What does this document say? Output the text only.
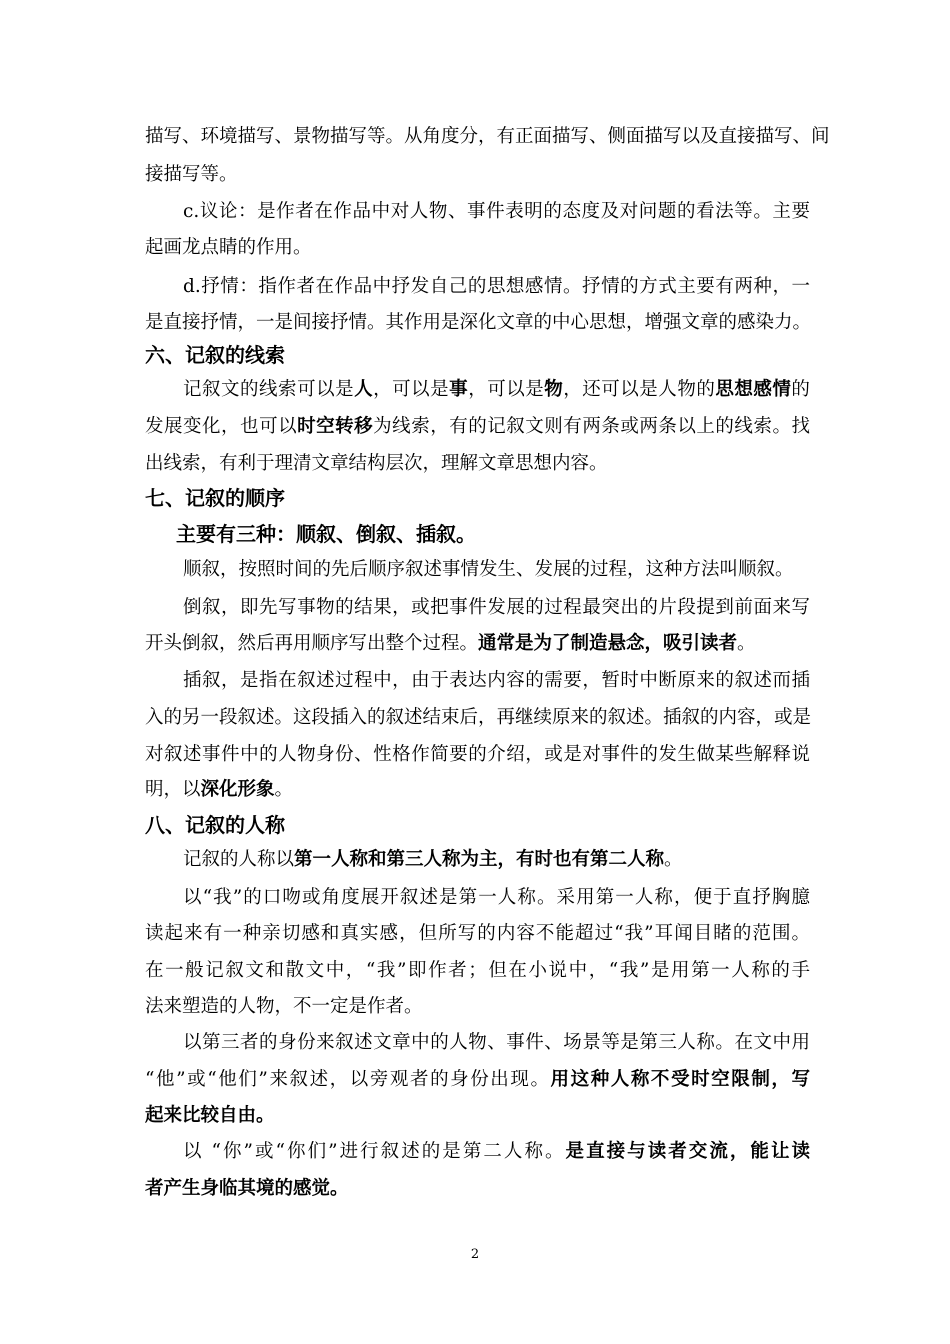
描写、环境描写、景物描写等。从角度分，有正面描写、侧面描写以及直接描写、间
接描写等。
c.议论：是作者在作品中对人物、事件表明的态度及对问题的看法等。主要
起画龙点睛的作用。
d.抒情：指作者在作品中抒发自己的思想感情。抒情的方式主要有两种，一
是直接抒情，一是间接抒情。其作用是深化文章的中心思想，增强文章的感染力。
六、记叙的线索
记叙文的线索可以是人，可以是事，可以是物，还可以是人物的思想感情的
发展变化，也可以时空转移为线索，有的记叙文则有两条或两条以上的线索。找
出线索，有利于理清文章结构层次，理解文章思想内容。
七、记叙的顺序
主要有三种：顺叙、倒叙、插叙。
顺叙，按照时间的先后顺序叙述事情发生、发展的过程，这种方法叫顺叙。
倒叙，即先写事物的结果，或把事件发展的过程最突出的片段提到前面来写
开头倒叙，然后再用顺序写出整个过程。通常是为了制造悬念，吸引读者。
插叙，是指在叙述过程中，由于表达内容的需要，暂时中断原来的叙述而插
入的另一段叙述。这段插入的叙述结束后，再继续原来的叙述。插叙的内容，或是
对叙述事件中的人物身份、性格作简要的介绍，或是对事件的发生做某些解释说
明，以深化形象。
八、记叙的人称
记叙的人称以第一人称和第三人称为主，有时也有第二人称。
以“我”的口吻或角度展开叙述是第一人称。采用第一人称，便于直抒胸臆
读起来有一种亲切感和真实感，但所写的内容不能超过“我”耳闻目睹的范围。
在一般记叙文和散文中，“我”即作者；但在小说中，“我”是用第一人称的手
法来塑造的人物，不一定是作者。
以第三者的身份来叙述文章中的人物、事件、场景等是第三人称。在文中用
“他”或“他们”来叙述，以旁观者的身份出现。用这种人称不受时空限制，写
起来比较自由。
以 “你”或“你们”进行叙述的是第二人称。是直接与读者交流，能让读
者产生身临其境的感觉。
2
